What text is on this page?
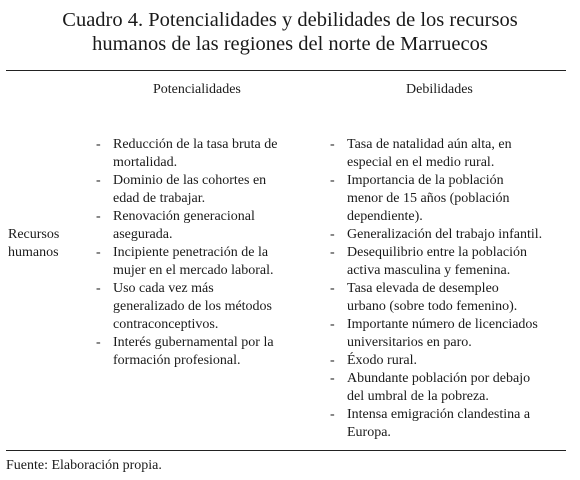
Cuadro 4. Potencialidades y debilidades de los recursos
humanos de las regiones del norte de Marruecos
Potencialidades	Debilidades
Recursos
humanos
- Reducción de la tasa bruta de
mortalidad.
- Dominio de las cohortes en
edad de trabajar.
- Renovación generacional
asegurada.
- Incipiente penetración de la
mujer en el mercado laboral.
- Uso cada vez más
generalizado de los métodos
contraconceptivos.
- Interés gubernamental por la
formación profesional.
- Tasa de natalidad aún alta, en
especial en el medio rural.
- Importancia de la población
menor de 15 años (población
dependiente).
- Generalización del trabajo infantil.
- Desequilibrio entre la población
activa masculina y femenina.
- Tasa elevada de desempleo
urbano (sobre todo femenino).
- Importante número de licenciados
universitarios en paro.
- Éxodo rural.
- Abundante población por debajo
del umbral de la pobreza.
- Intensa emigración clandestina a
Europa.
Fuente: Elaboración propia.
